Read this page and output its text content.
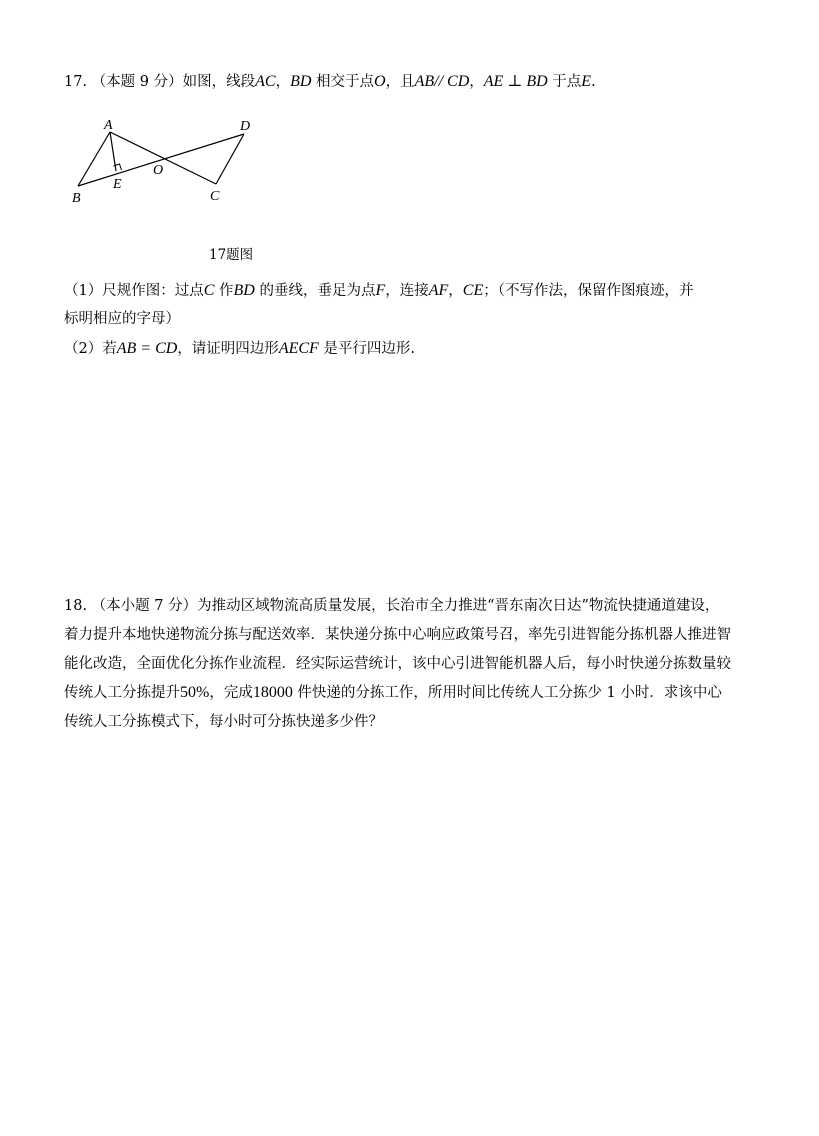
17. （本题 9 分）如图，线段AC，BD 相交于点O，且AB// CD，AE ⊥ BD 于点E.
A
B	C
D
E
O
17题图
（1）尺规作图：过点C 作BD 的垂线，垂足为点F，连接AF，CE；（不写作法，保留作图痕迹，并
标明相应的字母）
（2）若AB = CD，请证明四边形AECF 是平行四边形.
18. （本小题 7 分）为推动区域物流高质量发展，长治市全力推进“晋东南次日达”物流快捷通道建设，
着力提升本地快递物流分拣与配送效率．某快递分拣中心响应政策号召，率先引进智能分拣机器人推进智
能化改造，全面优化分拣作业流程．经实际运营统计，该中心引进智能机器人后，每小时快递分拣数量较
传统人工分拣提升50%，完成18000 件快递的分拣工作，所用时间比传统人工分拣少 1 小时．求该中心
传统人工分拣模式下，每小时可分拣快递多少件？
